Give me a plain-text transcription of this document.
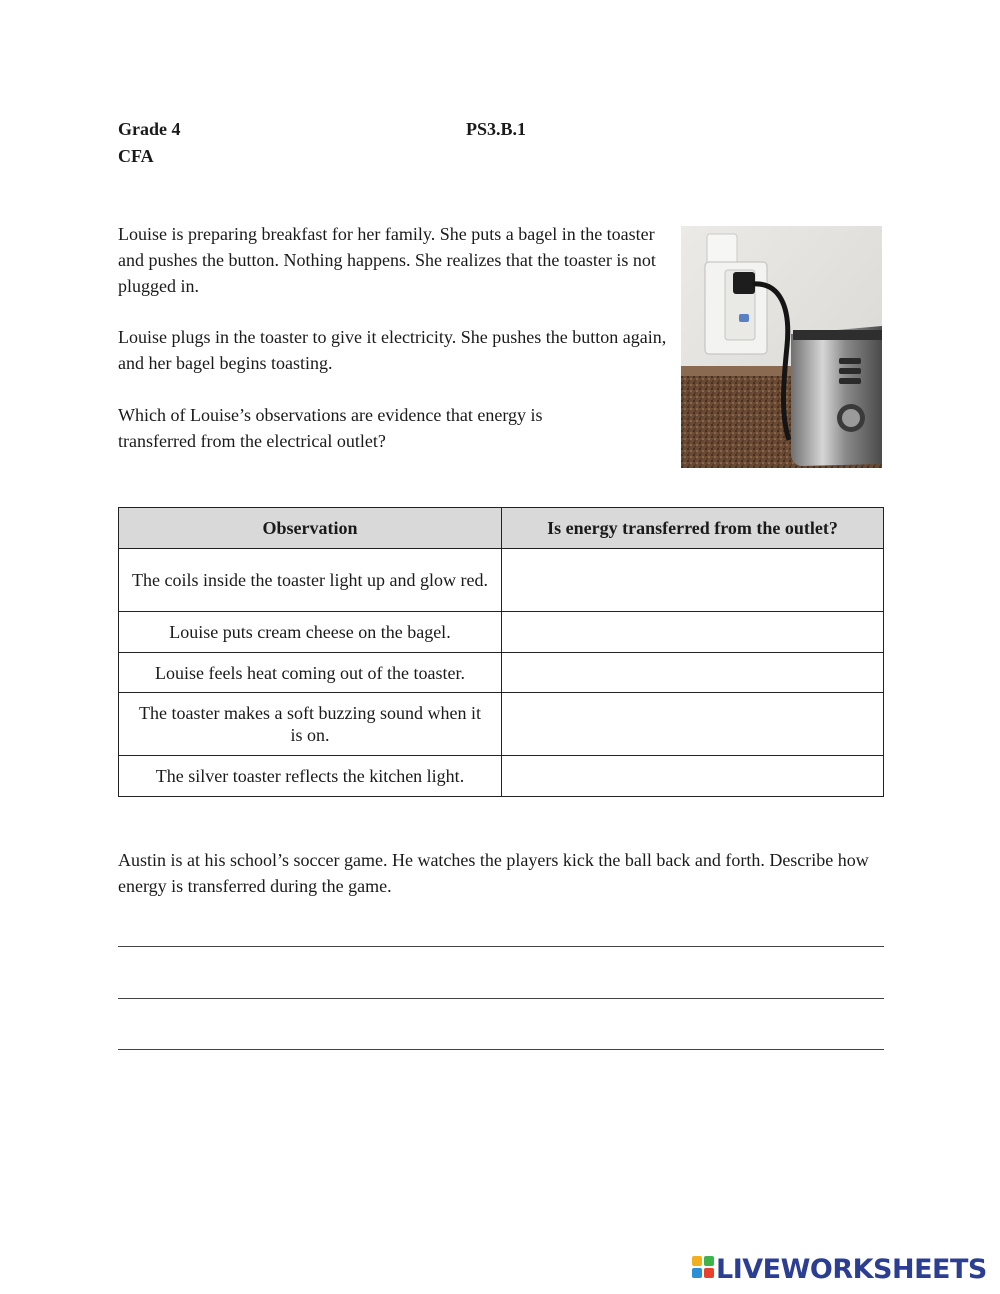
Grade 4
CFA
PS3.B.1
Louise is preparing breakfast for her family. She puts a bagel in the toaster and pushes the button. Nothing happens. She realizes that the toaster is not plugged in.
Louise plugs in the toaster to give it electricity. She pushes the button again, and her bagel begins toasting.
Which of Louise’s observations are evidence that energy is transferred from the electrical outlet?
Observation	Is energy transferred from the outlet?
The coils inside the toaster light up and glow red.	
Louise puts cream cheese on the bagel.	
Louise feels heat coming out of the toaster.	
The toaster makes a soft buzzing sound when it is on.	
The silver toaster reflects the kitchen light.	
Austin is at his school’s soccer game. He watches the players kick the ball back and forth. Describe how energy is transferred during the game.
LIVEWORKSHEETS
